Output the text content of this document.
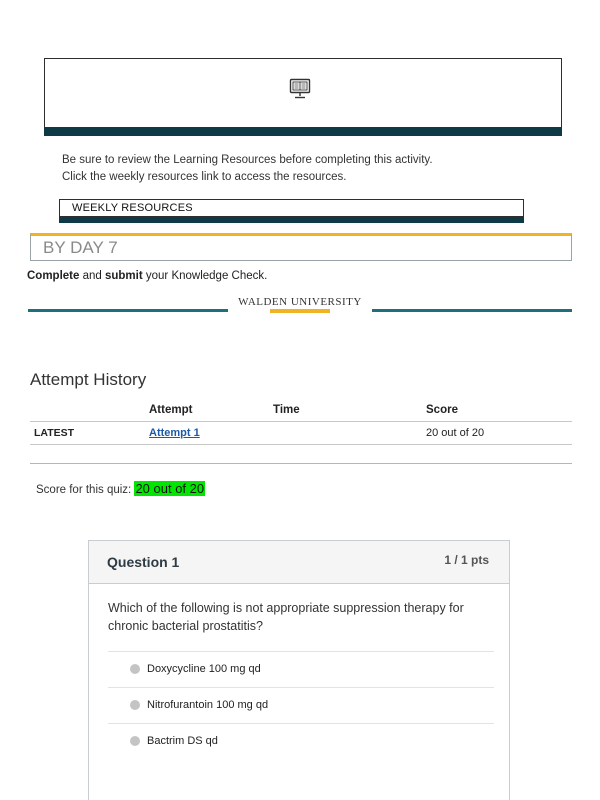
Be sure to review the Learning Resources before completing this activity.
Click the weekly resources link to access the resources.
WEEKLY RESOURCES
BY DAY 7
Complete and submit your Knowledge Check.
WALDEN UNIVERSITY
Attempt History
	Attempt	Time	Score
LATEST	Attempt 1		20 out of 20
Score for this quiz: 20 out of 20
Question 1	1 / 1 pts
Which of the following is not appropriate suppression therapy for chronic bacterial prostatitis?
Doxycycline 100 mg qd
Nitrofurantoin 100 mg qd
Bactrim DS qd
